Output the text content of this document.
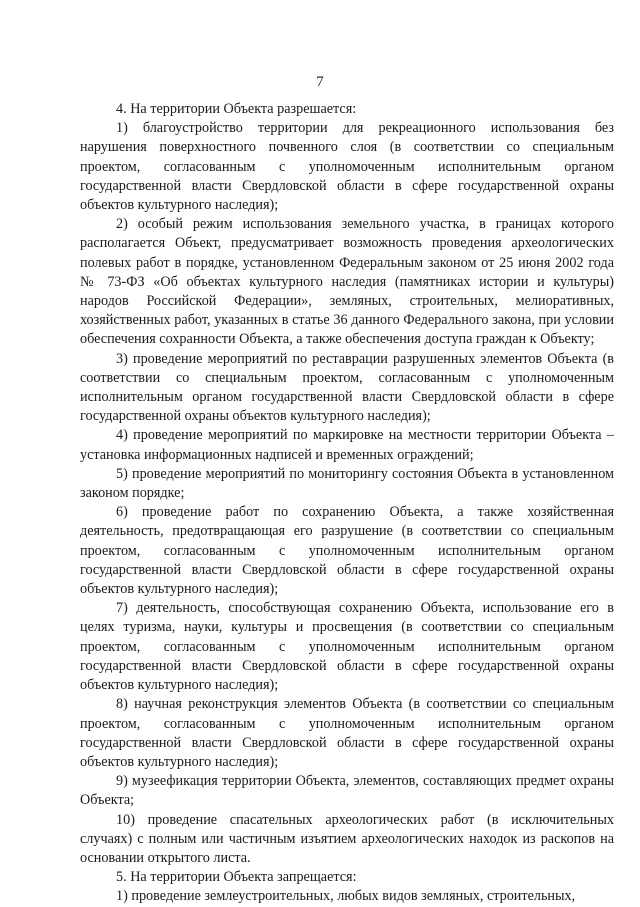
7

4. На территории Объекта разрешается:

1) благоустройство территории для рекреационного использования без нарушения поверхностного почвенного слоя (в соответствии со специальным проектом, согласованным с уполномоченным исполнительным органом государственной власти Свердловской области в сфере государственной охраны объектов культурного наследия);

2) особый режим использования земельного участка, в границах которого располагается Объект, предусматривает возможность проведения археологических полевых работ в порядке, установленном Федеральным законом от 25 июня 2002 года № 73-ФЗ «Об объектах культурного наследия (памятниках истории и культуры) народов Российской Федерации», земляных, строительных, мелиоративных, хозяйственных работ, указанных в статье 36 данного Федерального закона, при условии обеспечения сохранности Объекта, а также обеспечения доступа граждан к Объекту;

3) проведение мероприятий по реставрации разрушенных элементов Объекта (в соответствии со специальным проектом, согласованным с уполномоченным исполнительным органом государственной власти Свердловской области в сфере государственной охраны объектов культурного наследия);

4) проведение мероприятий по маркировке на местности территории Объекта – установка информационных надписей и временных ограждений;

5) проведение мероприятий по мониторингу состояния Объекта в установленном законом порядке;

6) проведение работ по сохранению Объекта, а также хозяйственная деятельность, предотвращающая его разрушение (в соответствии со специальным проектом, согласованным с уполномоченным исполнительным органом государственной власти Свердловской области в сфере государственной охраны объектов культурного наследия);

7) деятельность, способствующая сохранению Объекта, использование его в целях туризма, науки, культуры и просвещения (в соответствии со специальным проектом, согласованным с уполномоченным исполнительным органом государственной власти Свердловской области в сфере государственной охраны объектов культурного наследия);

8) научная реконструкция элементов Объекта (в соответствии со специальным проектом, согласованным с уполномоченным исполнительным органом государственной власти Свердловской области в сфере государственной охраны объектов культурного наследия);

9) музеефикация территории Объекта, элементов, составляющих предмет охраны Объекта;

10) проведение спасательных археологических работ (в исключительных случаях) с полным или частичным изъятием археологических находок из раскопов на основании открытого листа.

5. На территории Объекта запрещается:

1) проведение землеустроительных, любых видов земляных, строительных,
